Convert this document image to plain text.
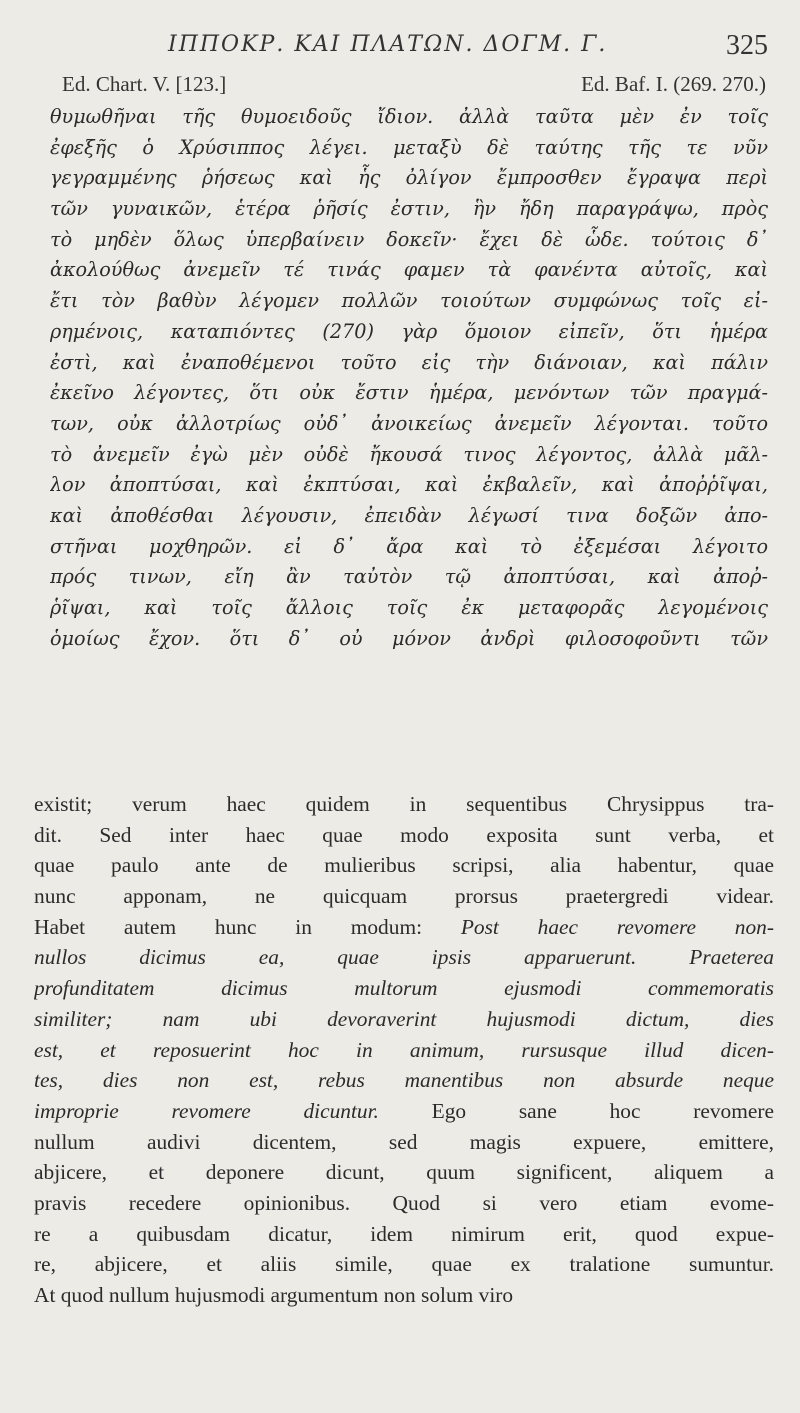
ΙΠΠΟΚΡ. ΚΑΙ ΠΛΑΤΩΝ. ΔΟΓΜ. Γ.	325
Ed. Chart. V. [123.]	Ed. Baf. I. (269. 270.)
θυμωθῆναι τῆς θυμοειδοῦς ἴδιον. ἀλλὰ ταῦτα μὲν ἐν τοῖς
ἐφεξῆς ὁ Χρύσιππος λέγει. μεταξὺ δὲ ταύτης τῆς τε νῦν
γεγραμμένης ῥήσεως καὶ ἧς ὀλίγον ἔμπροσθεν ἔγραψα περὶ
τῶν γυναικῶν, ἑτέρα ῥῆσίς ἐστιν, ἣν ἤδη παραγράψω, πρὸς
τὸ μηδὲν ὅλως ὑπερβαίνειν δοκεῖν· ἔχει δὲ ὧδε. τούτοις δ᾽
ἀκολούθως ἀνεμεῖν τέ τινάς φαμεν τὰ φανέντα αὐτοῖς, καὶ
ἔτι τὸν βαθὺν λέγομεν πολλῶν τοιούτων συμφώνως τοῖς εἰ-
ρημένοις, καταπιόντες (270) γὰρ ὅμοιον εἰπεῖν, ὅτι ἡμέρα
ἐστὶ, καὶ ἐναποθέμενοι τοῦτο εἰς τὴν διάνοιαν, καὶ πάλιν
ἐκεῖνο λέγοντες, ὅτι οὐκ ἔστιν ἡμέρα, μενόντων τῶν πραγμά-
των, οὐκ ἀλλοτρίως οὐδ᾽ ἀνοικείως ἀνεμεῖν λέγονται. τοῦτο
τὸ ἀνεμεῖν ἐγὼ μὲν οὐδὲ ἤκουσά τινος λέγοντος, ἀλλὰ μᾶλ-
λον ἀποπτύσαι, καὶ ἐκπτύσαι, καὶ ἐκβαλεῖν, καὶ ἀποῤῥῖψαι,
καὶ ἀποθέσθαι λέγουσιν, ἐπειδὰν λέγωσί τινα δοξῶν ἀπο-
στῆναι μοχθηρῶν. εἰ δ᾽ ἄρα καὶ τὸ ἐξεμέσαι λέγοιτο
πρός τινων, εἴη ἂν ταὐτὸν τῷ ἀποπτύσαι, καὶ ἀποῤ-
ῥῖψαι, καὶ τοῖς ἄλλοις τοῖς ἐκ μεταφορᾶς λεγομένοις
ὁμοίως ἔχον. ὅτι δ᾽ οὐ μόνον ἀνδρὶ φιλοσοφοῦντι τῶν
existit; verum haec quidem in sequentibus Chrysippus tra-
dit. Sed inter haec quae modo exposita sunt verba, et
quae paulo ante de mulieribus scripsi, alia habentur, quae
nunc apponam, ne quicquam prorsus praetergredi videar.
Habet autem hunc in modum: Post haec revomere non-
nullos dicimus ea, quae ipsis apparuerunt. Praeterea
profunditatem dicimus multorum ejusmodi commemoratis
similiter; nam ubi devoraverint hujusmodi dictum, dies
est, et reposuerint hoc in animum, rursusque illud dicen-
tes, dies non est, rebus manentibus non absurde neque
improprie revomere dicuntur. Ego sane hoc revomere
nullum audivi dicentem, sed magis expuere, emittere,
abjicere, et deponere dicunt, quum significent, aliquem a
pravis recedere opinionibus. Quod si vero etiam evome-
re a quibusdam dicatur, idem nimirum erit, quod expue-
re, abjicere, et aliis simile, quae ex tralatione sumuntur.
At quod nullum hujusmodi argumentum non solum viro
